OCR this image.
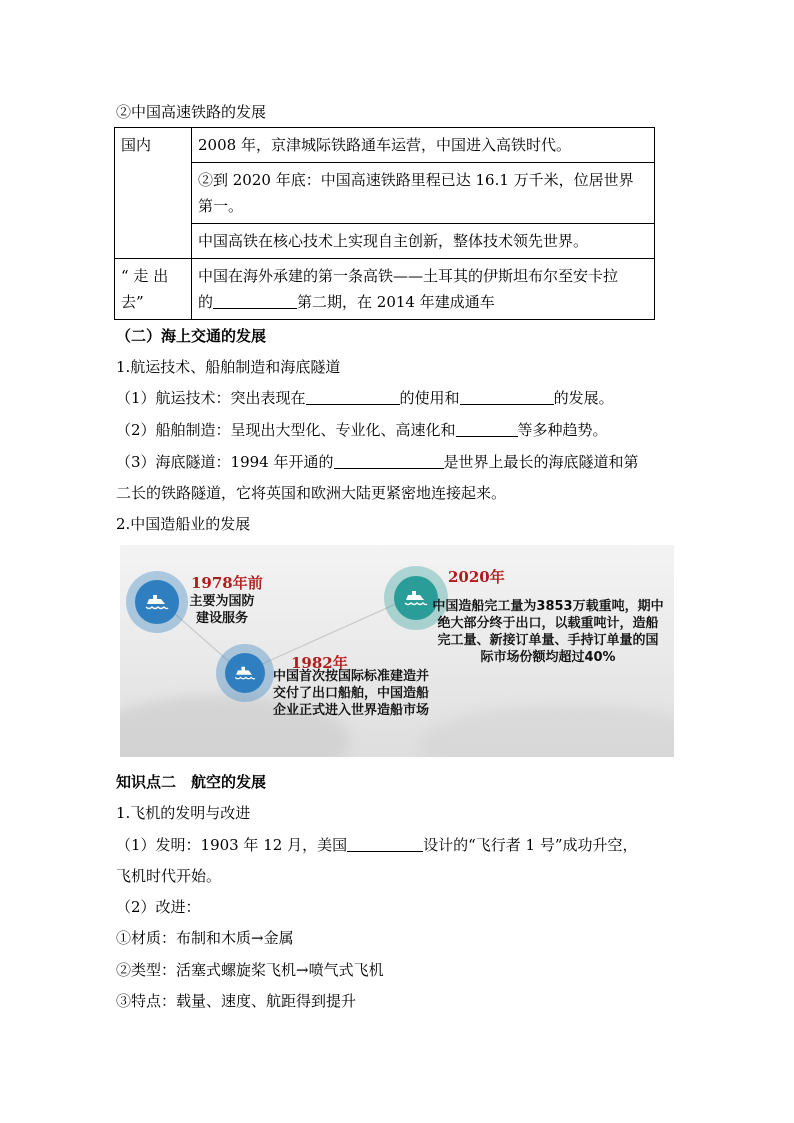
②中国高速铁路的发展
国内	2008 年，京津城际铁路通车运营，中国进入高铁时代。
	②到 2020 年底：中国高速铁路里程已达 16.1 万千米，位居世界第一。
	中国高铁在核心技术上实现自主创新，整体技术领先世界。
“ 走 出 去”	中国在海外承建的第一条高铁——土耳其的伊斯坦布尔至安卡拉
的 第二期，在 2014 年建成通车
（二）海上交通的发展
1.航运技术、船舶制造和海底隧道
（1）航运技术：突出表现在	的使用和	的发展。
（2）船舶制造：呈现出大型化、专业化、高速化和	等多种趋势。
（3）海底隧道：1994 年开通的	是世界上最长的海底隧道和第
二长的铁路隧道，它将英国和欧洲大陆更紧密地连接起来。
2.中国造船业的发展
1978年前
主要为国防建设服务
1982年
中国首次按国际标准建造并交付了出口船舶，中国造船企业正式进入世界造船市场
2020年
中国造船完工量为3853万载重吨，期中绝大部分终于出口，以载重吨计，造船完工量、新接订单量、手持订单量的国际市场份额均超过40%
知识点二　航空的发展
1.飞机的发明与改进
（1）发明：1903 年 12 月，美国	设计的“飞行者 1 号”成功升空，
飞机时代开始。
（2）改进：
①材质：布制和木质→金属
②类型：活塞式螺旋桨飞机→喷气式飞机
③特点：载量、速度、航距得到提升
